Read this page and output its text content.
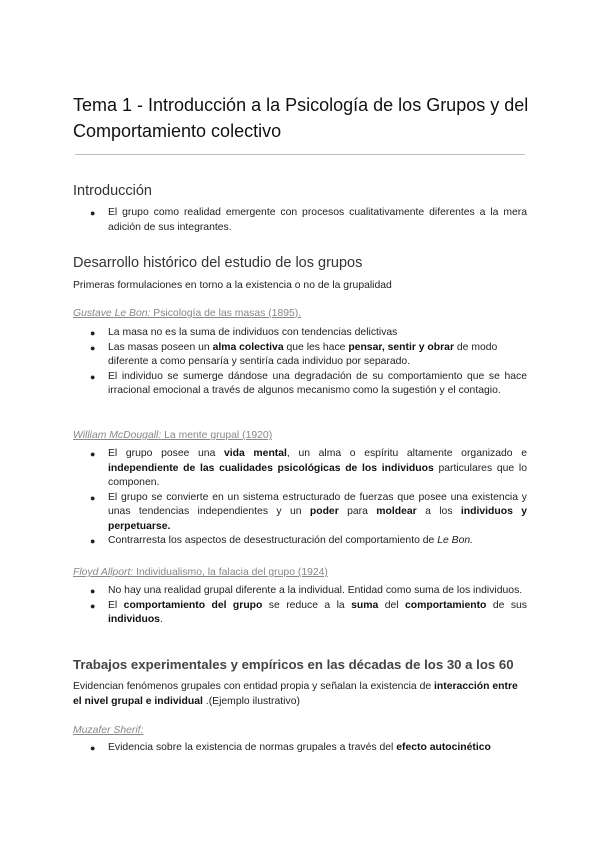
Tema 1 - Introducción a la Psicología de los Grupos y del Comportamiento colectivo
Introducción
● El grupo como realidad emergente con procesos cualitativamente diferentes a la mera adición de sus integrantes.
Desarrollo histórico del estudio de los grupos

Primeras formulaciones en torno a la existencia o no de la grupalidad

Gustave Le Bon: Psicología de las masas (1895).

● La masa no es la suma de individuos con tendencias delictivas
● Las masas poseen un alma colectiva que les hace pensar, sentir y obrar de modo diferente a como pensaría y sentiría cada individuo por separado.
● El individuo se sumerge dándose una degradación de su comportamiento que se hace irracional emocional a través de algunos mecanismo como la sugestión y el contagio.

William McDougall: La mente grupal (1920)

● El grupo posee una vida mental, un alma o espíritu altamente organizado e independiente de las cualidades psicológicas de los individuos particulares que lo componen.
● El grupo se convierte en un sistema estructurado de fuerzas que posee una existencia y unas tendencias independientes y un poder para moldear a los individuos y perpetuarse.
● Contrarresta los aspectos de desestructuración del comportamiento de Le Bon.

Floyd Allport: Individualismo, la falacia del grupo (1924)

● No hay una realidad grupal diferente a la individual. Entidad como suma de los individuos.
● El comportamiento del grupo se reduce a la suma del comportamiento de sus individuos.
Trabajos experimentales y empíricos en las décadas de los 30 a los 60

Evidencian fenómenos grupales con entidad propia y señalan la existencia de interacción entre el nivel grupal e individual .(Ejemplo ilustrativo)

Muzafer Sherif:

● Evidencia sobre la existencia de normas grupales a través del efecto autocinético
